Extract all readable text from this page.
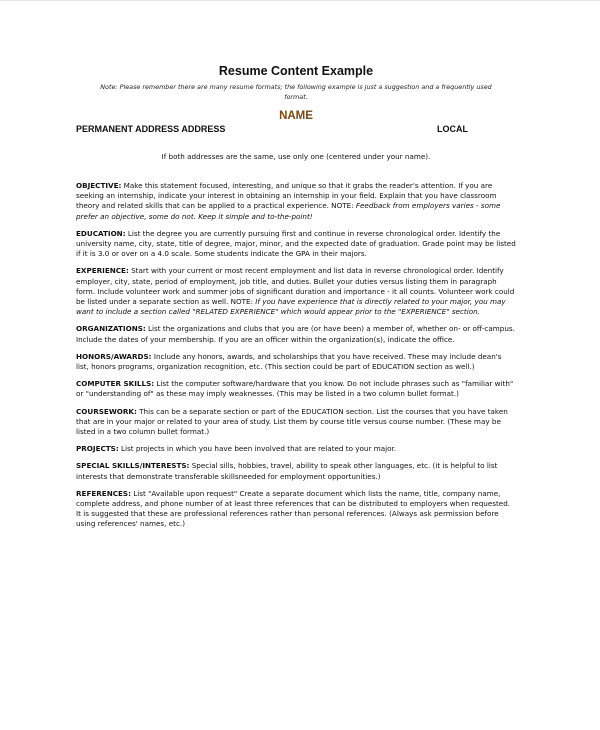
Resume Content Example
Note: Please remember there are many resume formats; the following example is just a suggestion and a frequently used format.
NAME
PERMANENT ADDRESS ADDRESS	LOCAL
If both addresses are the same, use only one (centered under your name).

OBJECTIVE: Make this statement focused, interesting, and unique so that it grabs the reader's attention. If you are seeking an internship, indicate your interest in obtaining an internship in your field. Explain that you have classroom theory and related skills that can be applied to a practical experience. NOTE: Feedback from employers varies - some prefer an objective, some do not. Keep it simple and to-the-point!

EDUCATION: List the degree you are currently pursuing first and continue in reverse chronological order. Identify the university name, city, state, title of degree, major, minor, and the expected date of graduation. Grade point may be listed if it is 3.0 or over on a 4.0 scale. Some students indicate the GPA in their majors.

EXPERIENCE: Start with your current or most recent employment and list data in reverse chronological order. Identify employer, city, state, period of employment, job title, and duties. Bullet your duties versus listing them in paragraph form. Include volunteer work and summer jobs of significant duration and importance - it all counts. Volunteer work could be listed under a separate section as well. NOTE: If you have experience that is directly related to your major, you may want to include a section called "RELATED EXPERIENCE" which would appear prior to the "EXPERIENCE" section.

ORGANIZATIONS: List the organizations and clubs that you are (or have been) a member of, whether on- or off-campus. Include the dates of your membership. If you are an officer within the organization(s), indicate the office.

HONORS/AWARDS: Include any honors, awards, and scholarships that you have received. These may include dean's list, honors programs, organization recognition, etc. (This section could be part of EDUCATION section as well.)

COMPUTER SKILLS: List the computer software/hardware that you know. Do not include phrases such as "familiar with" or "understanding of" as these may imply weaknesses. (This may be listed in a two column bullet format.)

COURSEWORK: This can be a separate section or part of the EDUCATION section. List the courses that you have taken that are in your major or related to your area of study. List them by course title versus course number. (These may be listed in a two column bullet format.)

PROJECTS: List projects in which you have been involved that are related to your major.

SPECIAL SKILLS/INTERESTS: Special sills, hobbies, travel, ability to speak other languages, etc. (it is helpful to list interests that demonstrate transferable skillsneeded for employment opportunities.)

REFERENCES: List "Available upon request" Create a separate document which lists the name, title, company name, complete address, and phone number of at least three references that can be distributed to employers when requested. It is suggested that these are professional references rather than personal references. (Always ask permission before using references' names, etc.)
